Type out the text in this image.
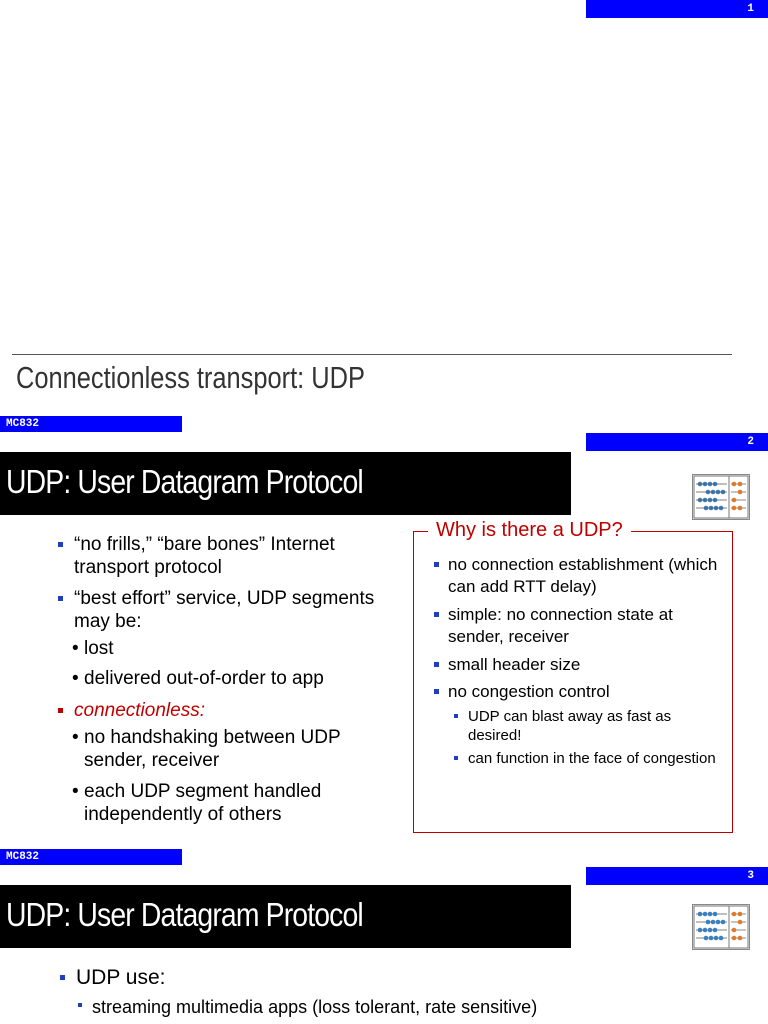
1
Connectionless transport: UDP
MC832
2
UDP: User Datagram Protocol
“no frills,” “bare bones” Internet transport protocol
“best effort” service, UDP segments may be:
• lost
• delivered out-of-order to app
connectionless:
• no handshaking between UDP sender, receiver
• each UDP segment handled independently of others
Why is there a UDP?
no connection establishment (which can add RTT delay)
simple: no connection state at sender, receiver
small header size
no congestion control
UDP can blast away as fast as desired!
can function in the face of congestion
MC832
3
UDP: User Datagram Protocol
UDP use:
streaming multimedia apps (loss tolerant, rate sensitive)
